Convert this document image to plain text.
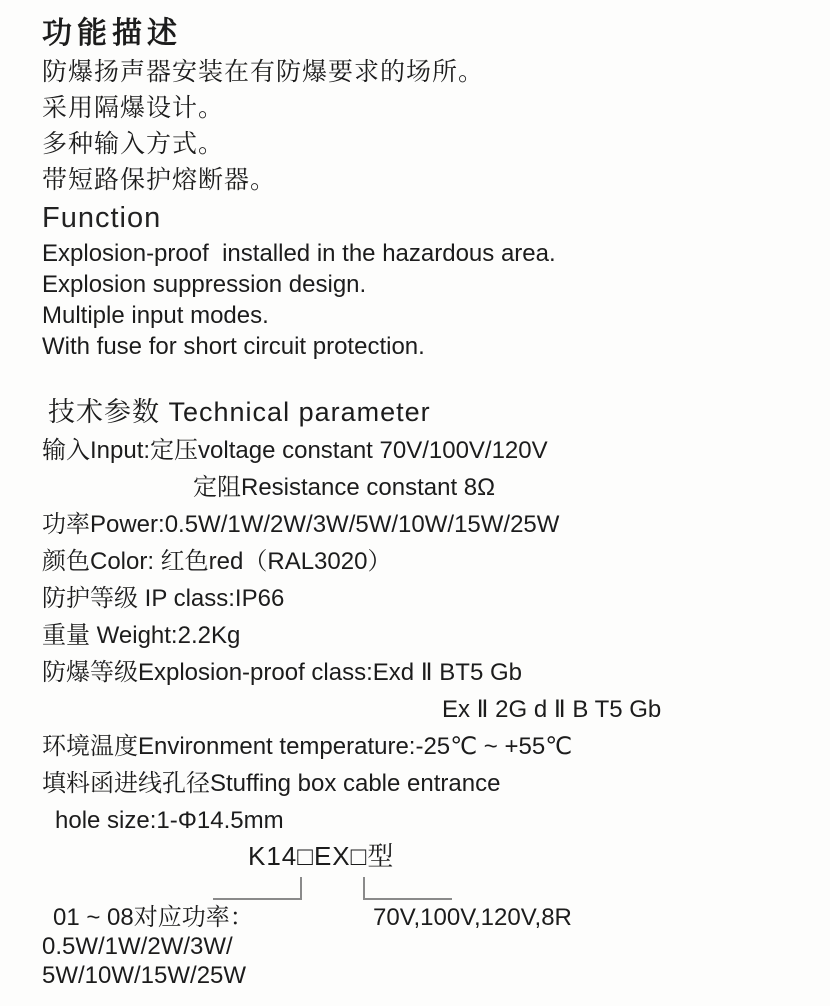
功能描述
防爆扬声器安装在有防爆要求的场所。
采用隔爆设计。
多种输入方式。
带短路保护熔断器。
Function
Explosion-proof  installed in the hazardous area.
Explosion suppression design.
Multiple input modes.
With fuse for short circuit protection.
技术参数 Technical parameter
输入Input:定压voltage constant 70V/100V/120V
定阻Resistance constant 8Ω
功率Power:0.5W/1W/2W/3W/5W/10W/15W/25W
颜色Color: 红色red（RAL3020）
防护等级 IP class:IP66
重量 Weight:2.2Kg
防爆等级Explosion-proof class:Exd Ⅱ BT5 Gb
Ex Ⅱ 2G d Ⅱ B T5 Gb
环境温度Environment temperature:-25℃ ~ +55℃
填料函进线孔径Stuffing box cable entrance
hole size:1-Φ14.5mm
K14□EX□型
01 ~ 08对应功率：
0.5W/1W/2W/3W/
5W/10W/15W/25W
70V,100V,120V,8R
